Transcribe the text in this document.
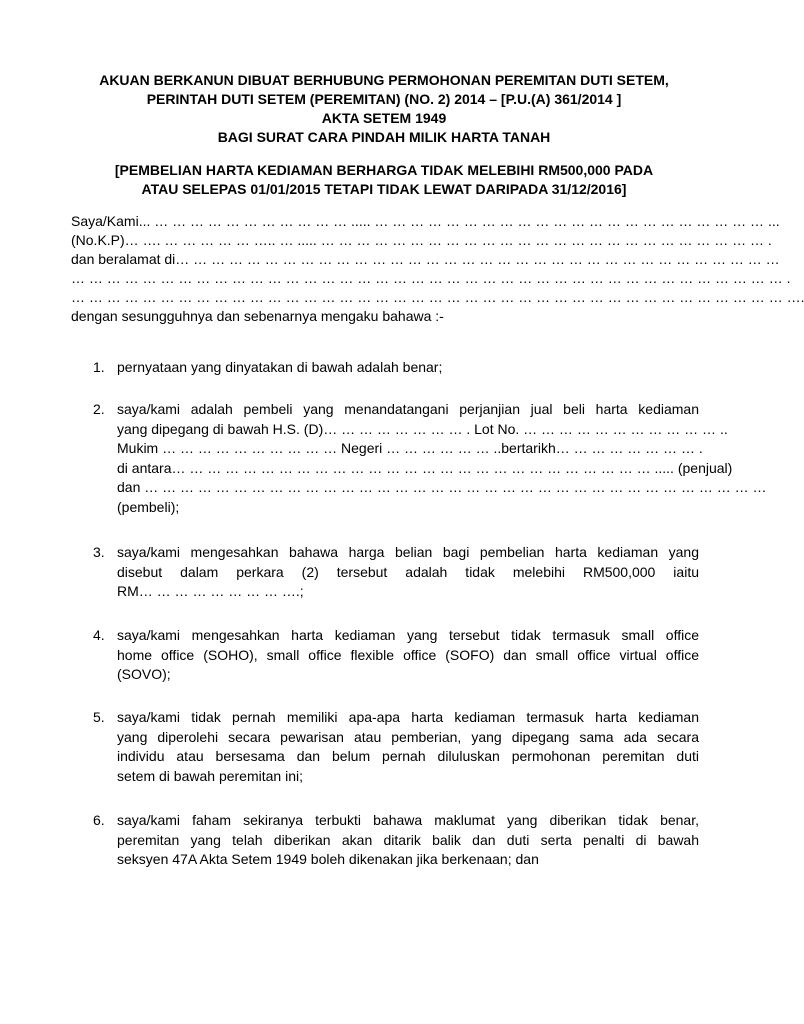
AKUAN BERKANUN DIBUAT BERHUBUNG PERMOHONAN PEREMITAN DUTI SETEM,
PERINTAH DUTI SETEM (PEREMITAN) (NO. 2) 2014 – [P.U.(A) 361/2014 ]
AKTA SETEM 1949
BAGI SURAT CARA PINDAH MILIK HARTA TANAH
[PEMBELIAN HARTA KEDIAMAN BERHARGA TIDAK MELEBIHI RM500,000 PADA
ATAU SELEPAS 01/01/2015 TETAPI TIDAK LEWAT DARIPADA 31/12/2016]
Saya/Kami... … … … … … … … … … … … ..... … … … … … … … … … … … … … … … … … … … … … … ...
(No.K.P)… …. … … … … … ….. … ..... … … … … … … … … … … … … … … … … … … … … … … … … … .
dan beralamat di… … … … … … … … … … … … … … … … … … … … … … … … … … … … … … … … … …
… … … … … … … … … … … … … … … … … … … … … … … … … … … … … … … … … … … … … … … … .
… … … … … … … … … … … … … … … … … … … … … … … … … … … … … … … … … … … … … … … … ….
dengan sesungguhnya dan sebenarnya mengaku bahawa :-
1. pernyataan yang dinyatakan di bawah adalah benar;
2. saya/kami adalah pembeli yang menandatangani perjanjian jual beli harta kediaman
yang dipegang di bawah H.S. (D)… … … … … … … … . Lot No. … … … … … … … … … … … ..
Mukim … … … … … … … … … … Negeri … … … … … … ..bertarikh… … … … … … … … .
di antara… … … … … … … … … … … … … … … … … … … … … … … … … … … ..... (penjual)
dan … … … … … … … … … … … … … … … … … … … … … … … … … … … … … … … … … … …
(pembeli);
3. saya/kami mengesahkan bahawa harga belian bagi pembelian harta kediaman yang
disebut dalam perkara (2) tersebut adalah tidak melebihi RM500,000 iaitu
RM… … … … … … … … ….;
4. saya/kami mengesahkan harta kediaman yang tersebut tidak termasuk small office
home office (SOHO), small office flexible office (SOFO) dan small office virtual office
(SOVO);
5. saya/kami tidak pernah memiliki apa-apa harta kediaman termasuk harta kediaman
yang diperolehi secara pewarisan atau pemberian, yang dipegang sama ada secara
individu atau bersesama dan belum pernah diluluskan permohonan peremitan duti
setem di bawah peremitan ini;
6. saya/kami faham sekiranya terbukti bahawa maklumat yang diberikan tidak benar,
peremitan yang telah diberikan akan ditarik balik dan duti serta penalti di bawah
seksyen 47A Akta Setem 1949 boleh dikenakan jika berkenaan; dan
